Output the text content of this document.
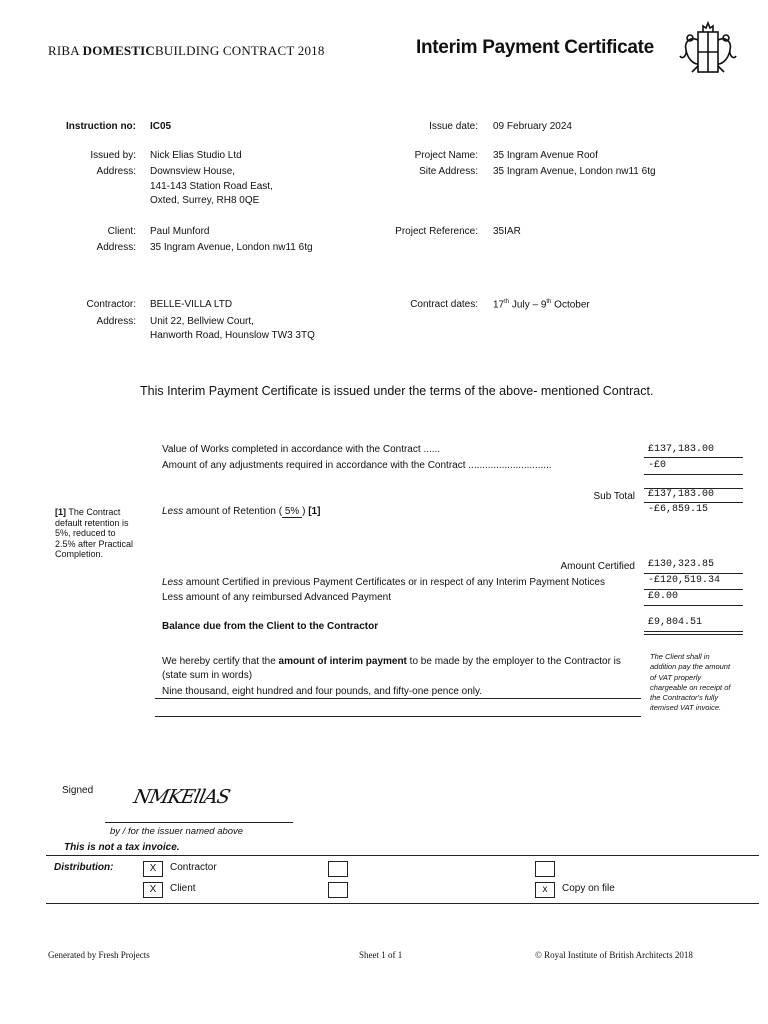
RIBA DOMESTICBUILDING CONTRACT 2018	Interim Payment Certificate
Instruction no: IC05	Issue date: 09 February 2024
Issued by: Nick Elias Studio Ltd
Address: Downsview House,
141-143 Station Road East,
Oxted, Surrey, RH8 0QE
Project Name: 35 Ingram Avenue Roof
Site Address: 35 Ingram Avenue, London nw11 6tg
Project Reference: 35IAR
Client: Paul Munford
Address: 35 Ingram Avenue, London nw11 6tg
Contractor: BELLE-VILLA LTD
Address: Unit 22, Bellview Court,
Hanworth Road, Hounslow TW3 3TQ
Contract dates: 17th July – 9th October
This Interim Payment Certificate is issued under the terms of the above- mentioned Contract.
Value of Works completed in accordance with the Contract ......	£137,183.00
Amount of any adjustments required in accordance with the Contract ..............................	-£0
Sub Total £137,183.00
Less amount of Retention ( 5% ) [1]	-£6,859.15
[1] The Contract
default retention is
5%, reduced to
2.5% after Practical
Completion.
Amount Certified £130,323.85
Less amount Certified in previous Payment Certificates or in respect of any Interim Payment Notices	-£120,519.34
Less amount of any reimbursed Advanced Payment	£0.00
Balance due from the Client to the Contractor	£9,804.51
We hereby certify that the amount of interim payment to be made by the employer to the Contractor is
(state sum in words)
Nine thousand, eight hundred and four pounds, and fifty-one pence only.
The Client shall in
addition pay the amount
of VAT properly
chargeable on receipt of
the Contractor's fully
itemised VAT invoice.
Signed NMKEllAS
by / for the issuer named above
This is not a tax invoice.
Distribution:	X	Contractor
X	Client	x	Copy on file
Generated by Fresh Projects	Sheet 1 of 1	© Royal Institute of British Architects 2018
